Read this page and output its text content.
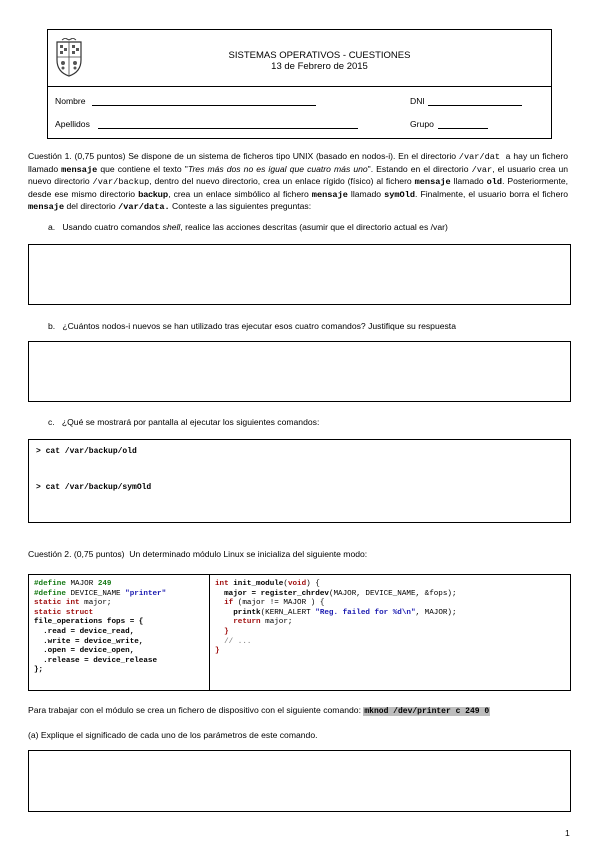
SISTEMAS OPERATIVOS - CUESTIONES
13 de Febrero de 2015
Nombre	DNI
Apellidos	Grupo
Cuestión 1. (0,75 puntos) Se dispone de un sistema de ficheros tipo UNIX (basado en nodos-i). En el directorio /var/dat a hay un fichero llamado mensaje que contiene el texto "Tres más dos no es igual que cuatro más uno". Estando en el directorio /var, el usuario crea un nuevo directorio /var/backup, dentro del nuevo directorio, crea un enlace rígido (físico) al fichero mensaje llamado old. Posteriormente, desde ese mismo directorio backup, crea un enlace simbólico al fichero mensaje llamado symOld. Finalmente, el usuario borra el fichero mensaje del directorio /var/data. Conteste a las siguientes preguntas:
a. Usando cuatro comandos shell, realice las acciones descritas (asumir que el directorio actual es /var)
b. ¿Cuántos nodos-i nuevos se han utilizado tras ejecutar esos cuatro comandos? Justifique su respuesta
c. ¿Qué se mostrará por pantalla al ejecutar los siguientes comandos:
> cat /var/backup/old
> cat /var/backup/symOld
Cuestión 2. (0,75 puntos) Un determinado módulo Linux se inicializa del siguiente modo:
#define MAJOR 249
#define DEVICE_NAME "printer"
static int major;
static struct
file_operations fops = {
.read = device_read,
.write = device_write,
.open = device_open,
.release = device_release
};
int init_module(void) {
major = register_chrdev(MAJOR, DEVICE_NAME, &fops);
if (major != MAJOR ) {
printk(KERN_ALERT "Reg. failed for %d\n", MAJOR);
return major;
}
// ...
}
Para trabajar con el módulo se crea un fichero de dispositivo con el siguiente comando: mknod /dev/printer c 249 0
(a) Explique el significado de cada uno de los parámetros de este comando.
1
